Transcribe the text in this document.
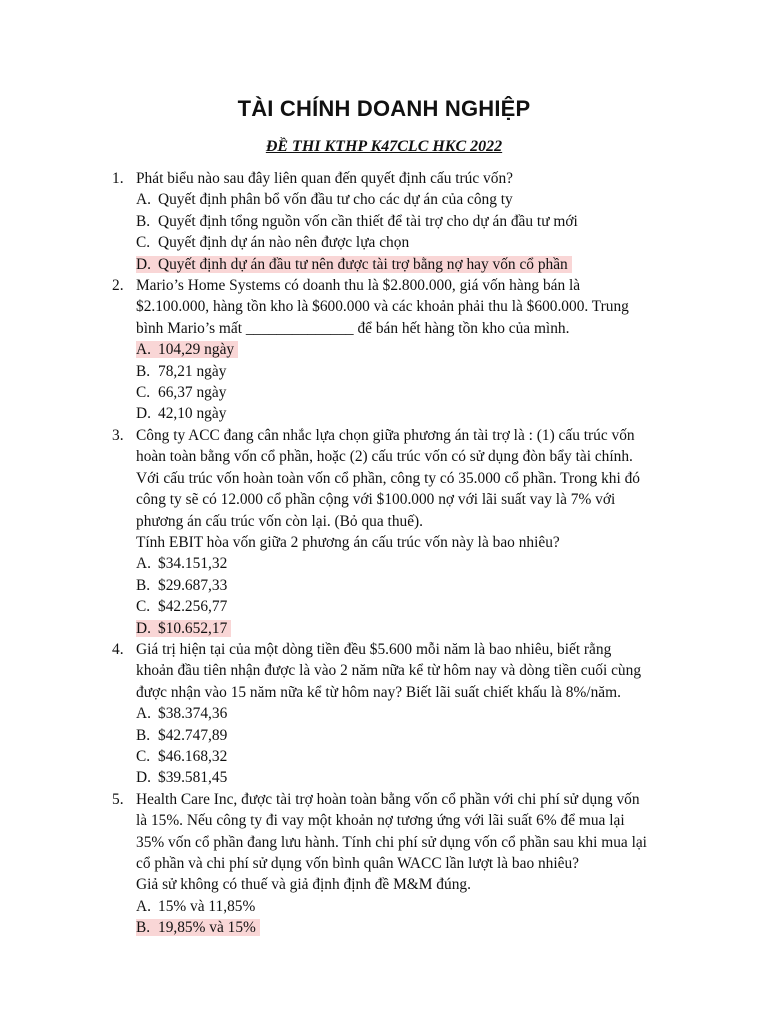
TÀI CHÍNH DOANH NGHIỆP
ĐỀ THI KTHP K47CLC HKC 2022
1. Phát biểu nào sau đây liên quan đến quyết định cấu trúc vốn?
A. Quyết định phân bổ vốn đầu tư cho các dự án của công ty
B. Quyết định tổng nguồn vốn cần thiết để tài trợ cho dự án đầu tư mới
C. Quyết định dự án nào nên được lựa chọn
D. Quyết định dự án đầu tư nên được tài trợ bằng nợ hay vốn cổ phần
2. Mario’s Home Systems có doanh thu là $2.800.000, giá vốn hàng bán là
$2.100.000, hàng tồn kho là $600.000 và các khoản phải thu là $600.000. Trung
bình Mario’s mất ______________ để bán hết hàng tồn kho của mình.
A. 104,29 ngày
B. 78,21 ngày
C. 66,37 ngày
D. 42,10 ngày
3. Công ty ACC đang cân nhắc lựa chọn giữa phương án tài trợ là : (1) cấu trúc vốn
hoàn toàn bằng vốn cổ phần, hoặc (2) cấu trúc vốn có sử dụng đòn bẩy tài chính.
Với cấu trúc vốn hoàn toàn vốn cổ phần, công ty có 35.000 cổ phần. Trong khi đó
công ty sẽ có 12.000 cổ phần cộng với $100.000 nợ với lãi suất vay là 7% với
phương án cấu trúc vốn còn lại. (Bỏ qua thuế).
Tính EBIT hòa vốn giữa 2 phương án cấu trúc vốn này là bao nhiêu?
A. $34.151,32
B. $29.687,33
C. $42.256,77
D. $10.652,17
4. Giá trị hiện tại của một dòng tiền đều $5.600 mỗi năm là bao nhiêu, biết rằng
khoản đầu tiên nhận được là vào 2 năm nữa kể từ hôm nay và dòng tiền cuối cùng
được nhận vào 15 năm nữa kể từ hôm nay? Biết lãi suất chiết khấu là 8%/năm.
A. $38.374,36
B. $42.747,89
C. $46.168,32
D. $39.581,45
5. Health Care Inc, được tài trợ hoàn toàn bằng vốn cổ phần với chi phí sử dụng vốn
là 15%. Nếu công ty đi vay một khoản nợ tương ứng với lãi suất 6% để mua lại
35% vốn cổ phần đang lưu hành. Tính chi phí sử dụng vốn cổ phần sau khi mua lại
cổ phần và chi phí sử dụng vốn bình quân WACC lần lượt là bao nhiêu?
Giả sử không có thuế và giả định định đề M&M đúng.
A. 15% và 11,85%
B. 19,85% và 15%
